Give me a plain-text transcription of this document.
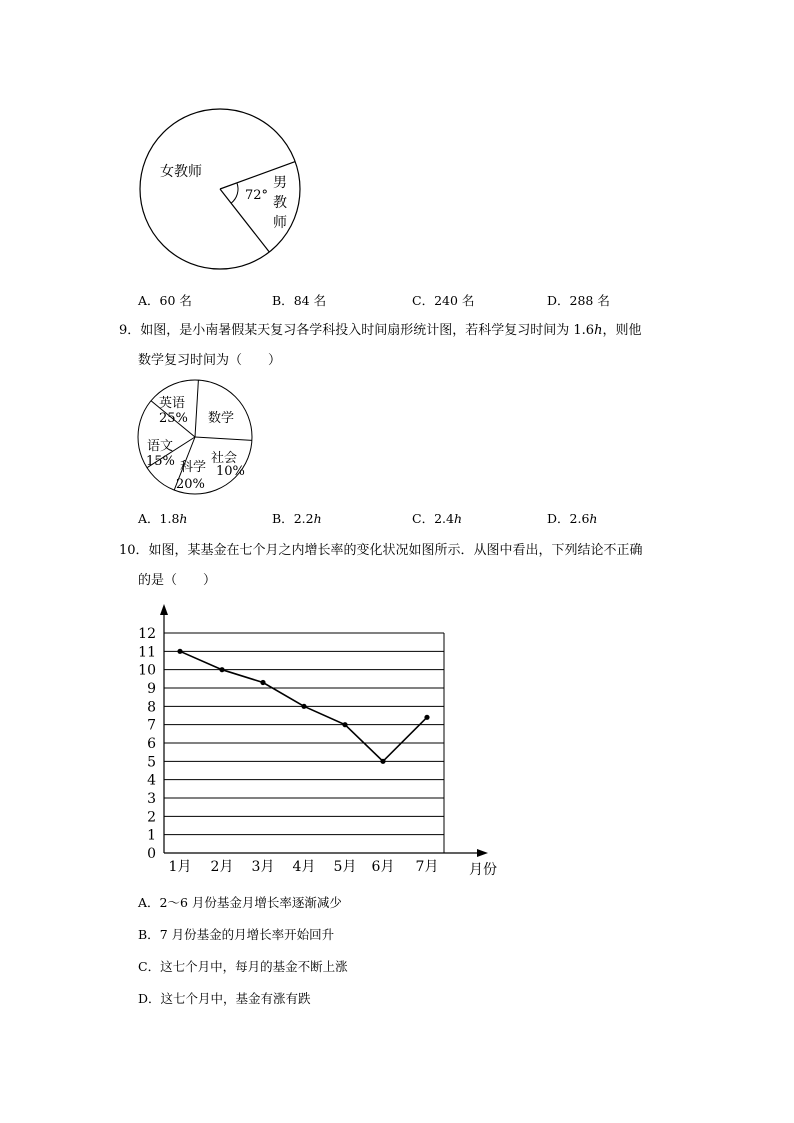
女教师
72°
男
教
师
A．60 名	B．84 名	C．240 名	D．288 名
9．如图，是小南暑假某天复习各学科投入时间扇形统计图，若科学复习时间为 1.6h，则他
数学复习时间为（　　）
英语
25% 数学
语文
15% 科学
20%
社会
10%
A．1.8h	B．2.2h	C．2.4h	D．2.6h
10．如图，某基金在七个月之内增长率的变化状况如图所示．从图中看出，下列结论不正确
的是（　　）
0
1
2
3
4
5
6
7
8
9
10
11
12
1月 2月 3月 4月 5月 6月 7月 月份
A．2～6 月份基金月增长率逐渐减少
B．7 月份基金的月增长率开始回升
C．这七个月中，每月的基金不断上涨
D．这七个月中，基金有涨有跌
